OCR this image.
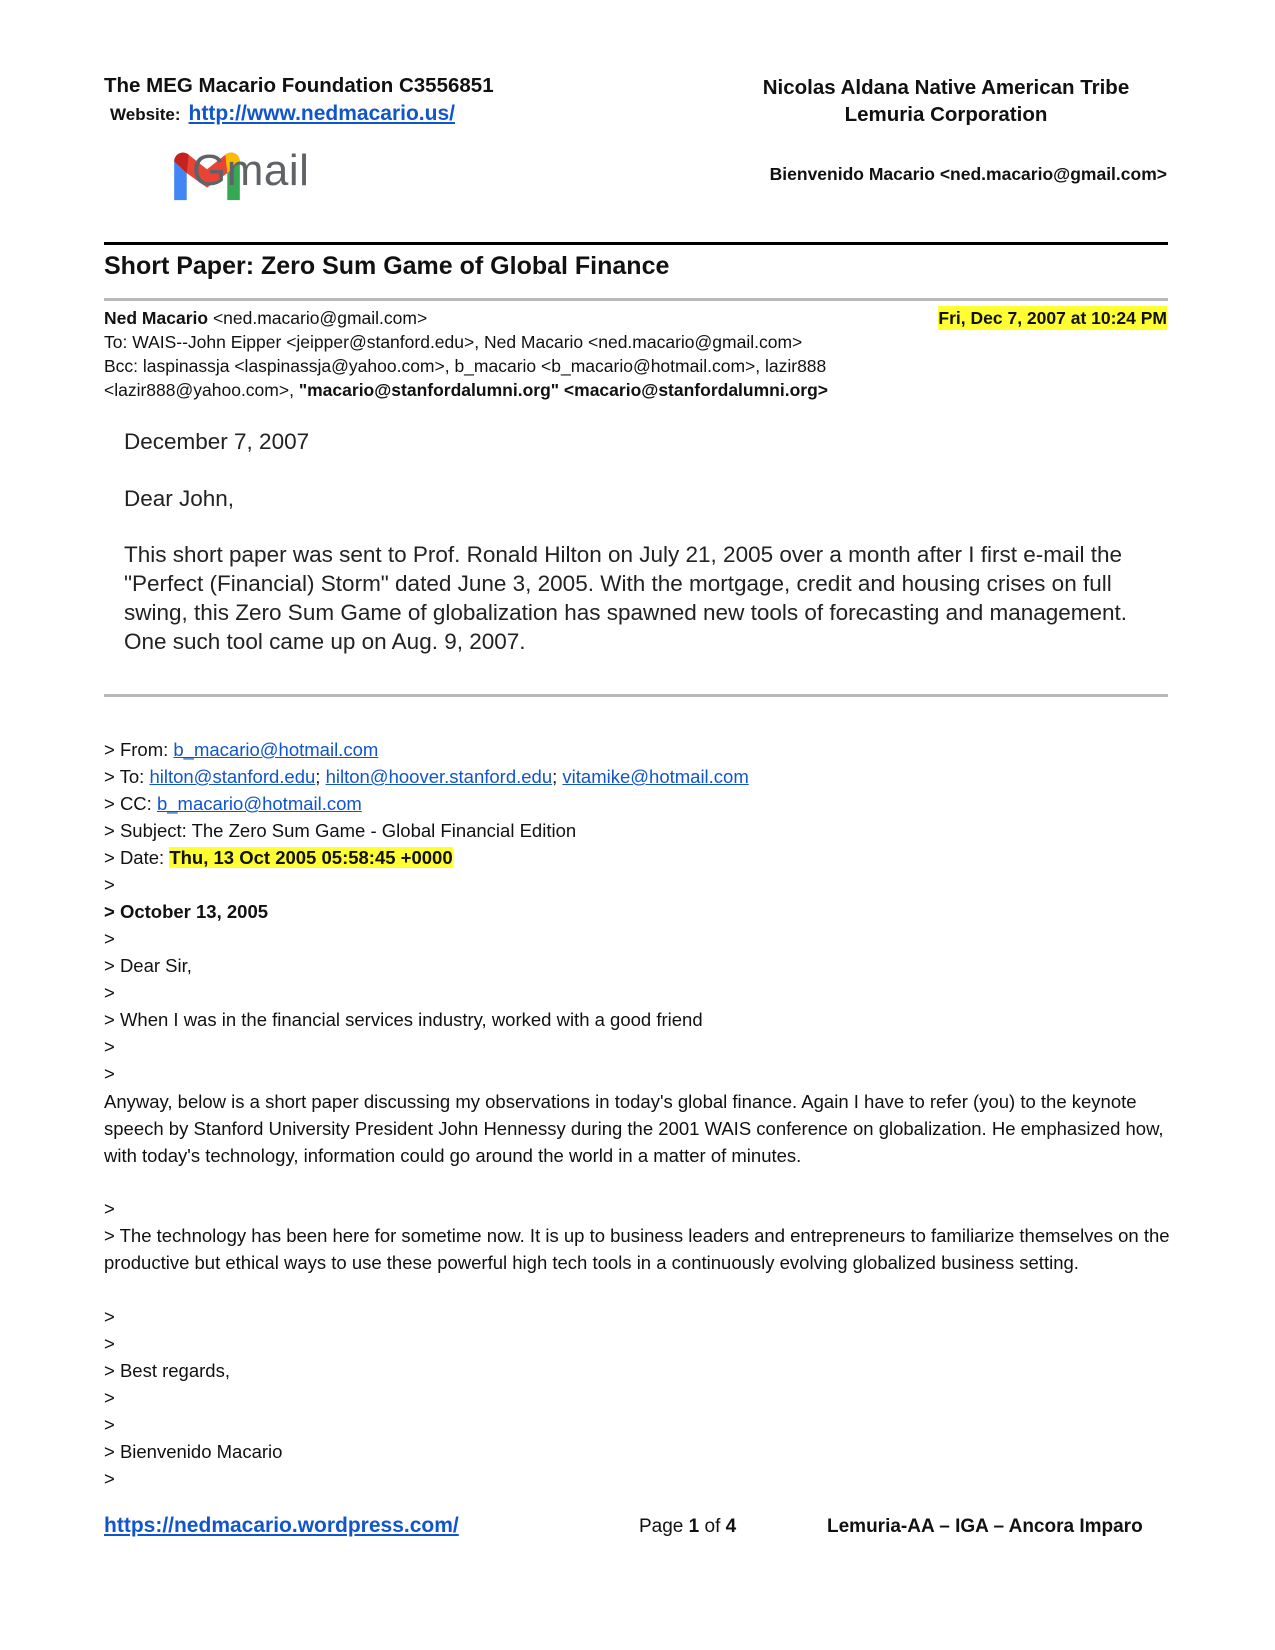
The MEG Macario Foundation C3556851
Website: http://www.nedmacario.us/
Nicolas Aldana Native American Tribe
Lemuria Corporation
Gmail	Bienvenido Macario <ned.macario@gmail.com>
Short Paper: Zero Sum Game of Global Finance
Ned Macario <ned.macario@gmail.com>	Fri, Dec 7, 2007 at 10:24 PM
To: WAIS--John Eipper <jeipper@stanford.edu>, Ned Macario <ned.macario@gmail.com>
Bcc: laspinassja <laspinassja@yahoo.com>, b_macario <b_macario@hotmail.com>, lazir888
<lazir888@yahoo.com>, "macario@stanfordalumni.org" <macario@stanfordalumni.org>
December 7, 2007
Dear John,
This short paper was sent to Prof. Ronald Hilton on July 21, 2005 over a month after I first e-mail the "Perfect (Financial) Storm" dated June 3, 2005. With the mortgage, credit and housing crises on full swing, this Zero Sum Game of globalization has spawned new tools of forecasting and management. One such tool came up on Aug. 9, 2007.
> From: b_macario@hotmail.com
> To: hilton@stanford.edu; hilton@hoover.stanford.edu; vitamike@hotmail.com
> CC: b_macario@hotmail.com
> Subject: The Zero Sum Game - Global Financial Edition
> Date: Thu, 13 Oct 2005 05:58:45 +0000
>
> October 13, 2005
>
> Dear Sir,
>
> When I was in the financial services industry, worked with a good friend
>
>
Anyway, below is a short paper discussing my observations in today's global finance. Again I have to refer (you) to the keynote speech by Stanford University President John Hennessy during the 2001 WAIS conference on globalization. He emphasized how, with today's technology, information could go around the world in a matter of minutes.
>
> The technology has been here for sometime now. It is up to business leaders and entrepreneurs to familiarize themselves on the productive but ethical ways to use these powerful high tech tools in a continuously evolving globalized business setting.
>
>
> Best regards,
>
>
> Bienvenido Macario
>
https://nedmacario.wordpress.com/	Page 1 of 4	Lemuria-AA – IGA – Ancora Imparo
